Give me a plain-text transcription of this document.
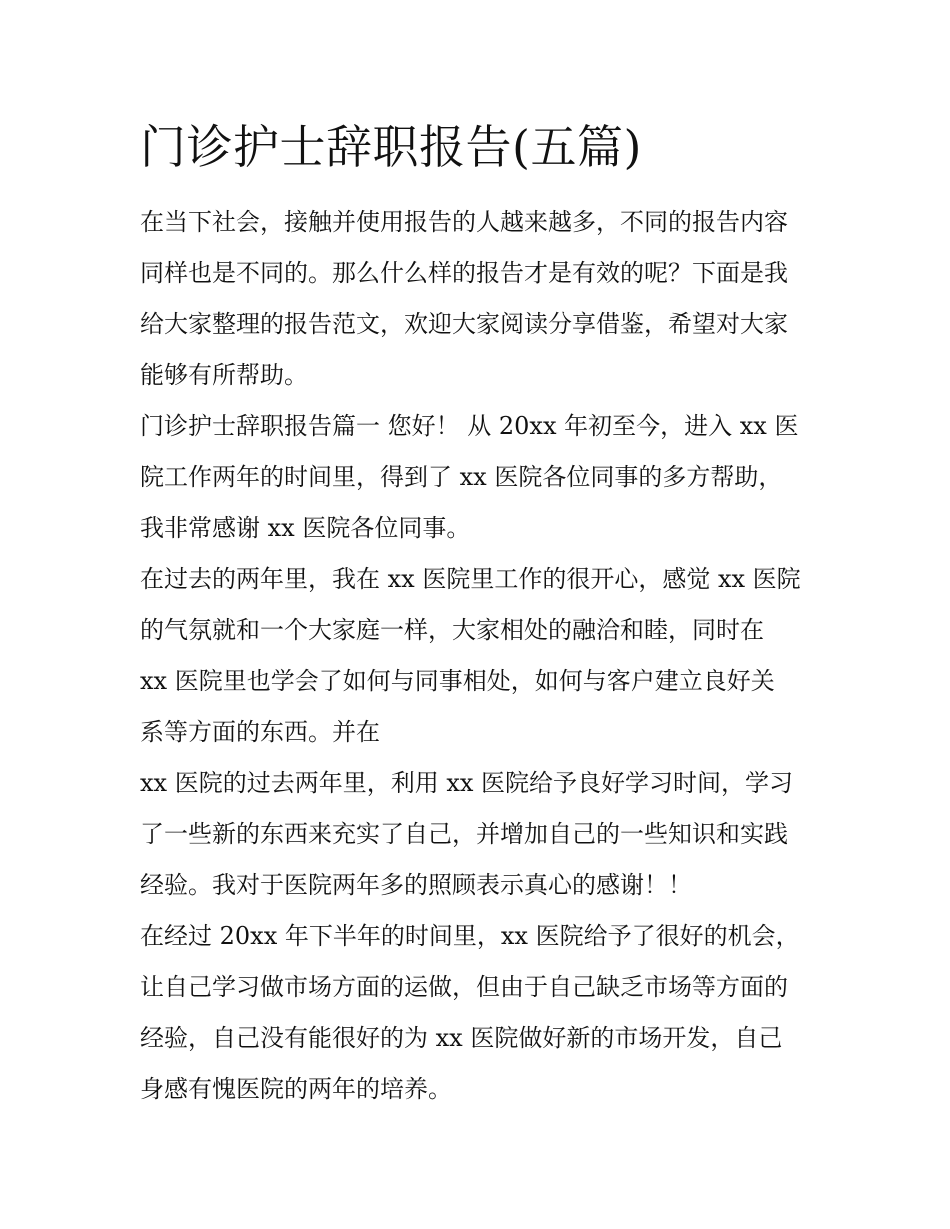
门诊护士辞职报告(五篇)
在当下社会，接触并使用报告的人越来越多，不同的报告内容
同样也是不同的。那么什么样的报告才是有效的呢？下面是我
给大家整理的报告范文，欢迎大家阅读分享借鉴，希望对大家
能够有所帮助。
门诊护士辞职报告篇一 您好！ 从 20xx 年初至今，进入 xx 医
院工作两年的时间里，得到了 xx 医院各位同事的多方帮助，
我非常感谢 xx 医院各位同事。
在过去的两年里，我在 xx 医院里工作的很开心，感觉 xx 医院
的气氛就和一个大家庭一样，大家相处的融洽和睦，同时在
xx 医院里也学会了如何与同事相处，如何与客户建立良好关
系等方面的东西。并在
xx 医院的过去两年里，利用 xx 医院给予良好学习时间，学习
了一些新的东西来充实了自己，并增加自己的一些知识和实践
经验。我对于医院两年多的照顾表示真心的感谢！！
在经过 20xx 年下半年的时间里，xx 医院给予了很好的机会，
让自己学习做市场方面的运做，但由于自己缺乏市场等方面的
经验，自己没有能很好的为 xx 医院做好新的市场开发，自己
身感有愧医院的两年的培养。
